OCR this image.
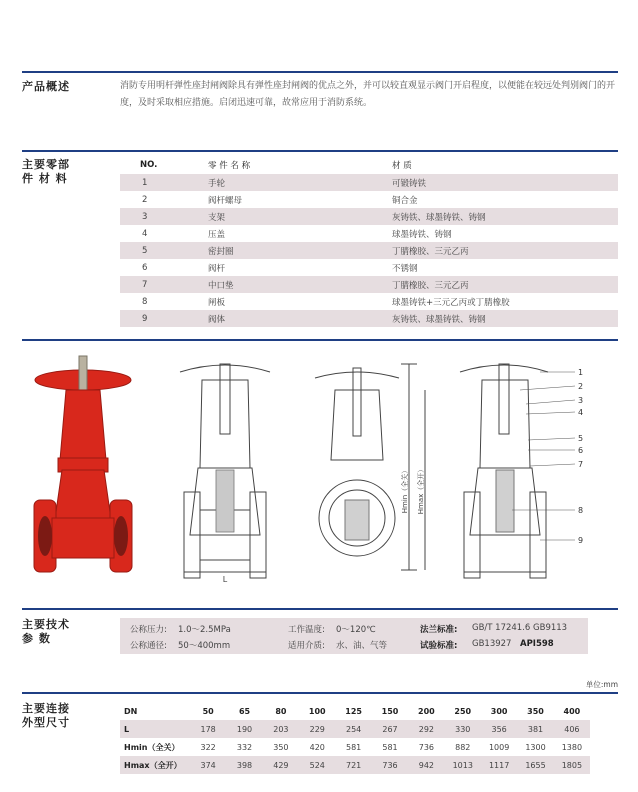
产品概述	消防专用明杆弹性座封闸阀除具有弹性座封闸阀的优点之外，并可以较直观显示阀门开启程度，以便能在较远处判别阀门的开度，及时采取相应措施。启闭迅速可靠，故常应用于消防系统。
主要零部
件 材 料
NO.	零 件 名 称	材 质
1	手轮	可锻铸铁
2	阀杆螺母	铜合金
3	支架	灰铸铁、球墨铸铁、铸钢
4	压盖	球墨铸铁、铸钢
5	密封圈	丁腈橡胶、三元乙丙
6	阀杆	不锈钢
7	中口垫	丁腈橡胶、三元乙丙
8	闸板	球墨铸铁+三元乙丙或丁腈橡胶
9	阀体	灰铸铁、球墨铸铁、铸钢
L
Hmin（全关） Hmax（全开）
1
2
3
4
5
6
7
8
9
主要技术
参 数
公称压力: 1.0～2.5MPa	工作温度: 0～120℃	法兰标准: GB/T 17241.6 GB9113
公称通径: 50～400mm	适用介质: 水、油、气等	试验标准: GB13927 API598
单位:mm
主要连接
外型尺寸
DN	50	65	80	100	125	150	200	250	300	350	400
L	178	190	203	229	254	267	292	330	356	381	406
Hmin（全关）	322	332	350	420	581	581	736	882	1009	1300	1380
Hmax（全开）	374	398	429	524	721	736	942	1013	1117	1655	1805
